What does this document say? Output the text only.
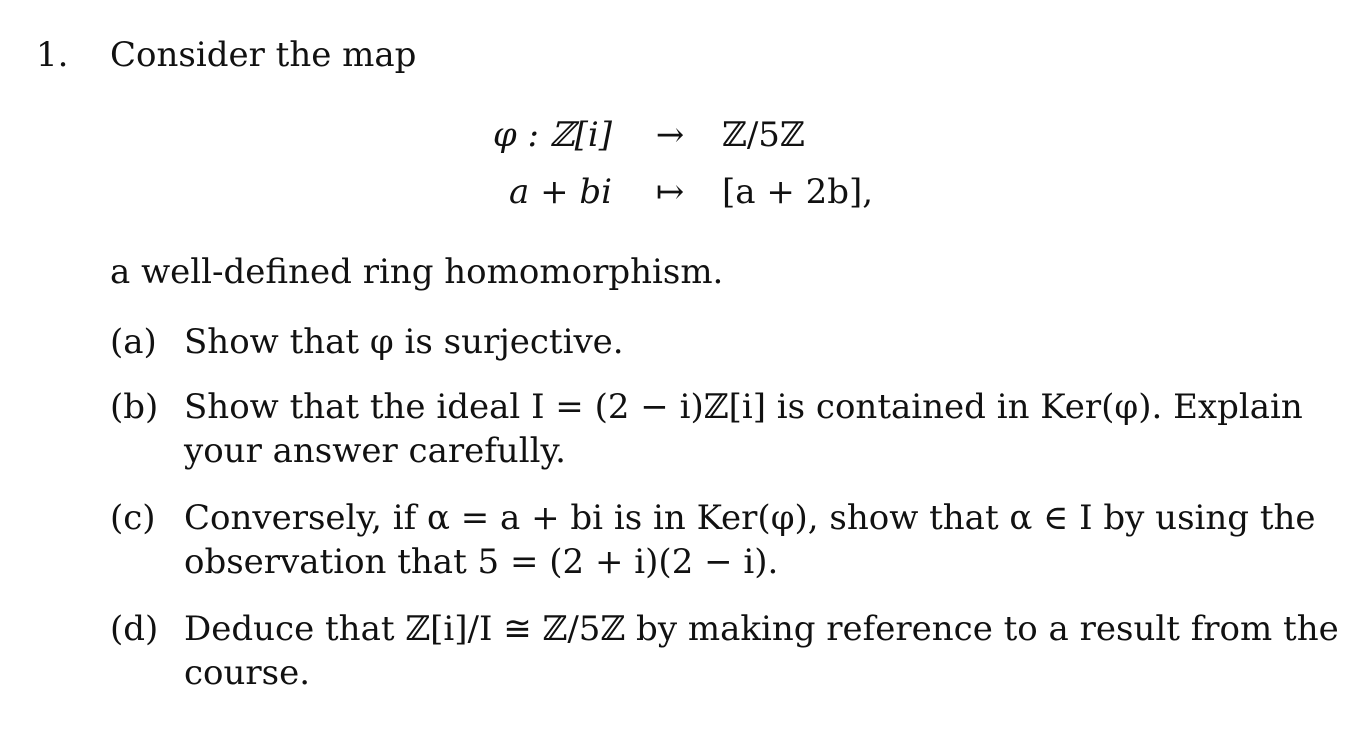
1. Consider the map
φ : ℤ[i] → ℤ/5ℤ
a + bi ↦ [a + 2b],
a well-defined ring homomorphism.
(a) Show that φ is surjective.
(b) Show that the ideal I = (2 − i)ℤ[i] is contained in Ker(φ). Explain
your answer carefully.
(c) Conversely, if α = a + bi is in Ker(φ), show that α ∈ I by using the
observation that 5 = (2 + i)(2 − i).
(d) Deduce that ℤ[i]/I ≅ ℤ/5ℤ by making reference to a result from the
course.
